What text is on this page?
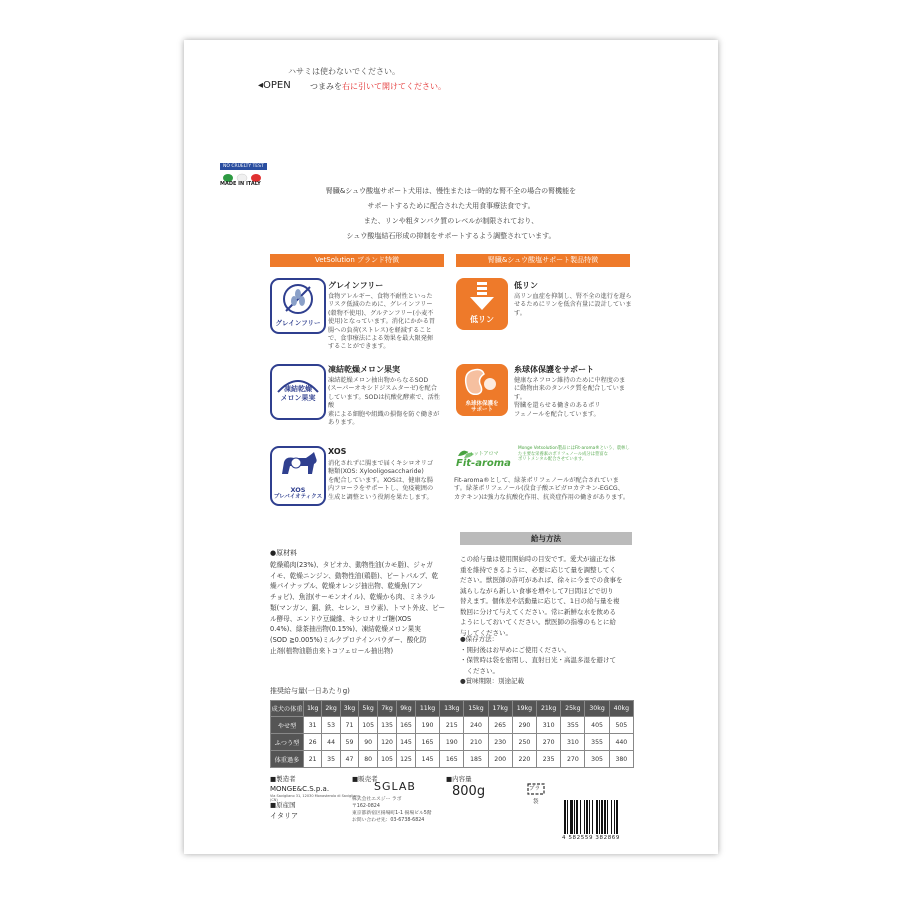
ハサミは使わないでください。
◂OPEN つまみを右に引いて開けてください。
NO CRUELTY TEST
MADE IN ITALY
腎臓&シュウ酸塩サポート犬用は、慢性または一時的な腎不全の場合の腎機能を
サポートするために配合された犬用食事療法食です。
また、リンや粗タンパク質のレベルが制限されており、
シュウ酸塩結石形成の抑制をサポートするよう調整されています。
VetSolution ブランド特徴	腎臓&シュウ酸塩サポート製品特徴
グレインフリー
グレインフリー
食物アレルギー、食物不耐性といった
リスク低減のために、グレインフリー
(穀物不使用)、グルテンフリー(小麦不
使用)となっています。消化にかかる胃
腸への負荷(ストレス)を軽減すること
で、食事療法による効果を最大限発揮
することができます。
凍結乾燥
メロン果実
凍結乾燥メロン果実
凍結乾燥メロン抽出物からなるSOD
(スーパーオキシドジスムターゼ)を配合
しています。SODは抗酸化酵素で、活性酸
素による細胞や組織の損傷を防ぐ働きが
あります。
XOS
プレバイオティクス
XOS
消化されずに腸まで届くキシロオリゴ
糖類(XOS: Xylooligosaccharide)
を配合しています。XOSは、健康な腸
内フローラをサポートし、免疫範囲の
生成と調整という役割を果たします。
低リン
低リン
高リン血症を抑制し、腎不全の進行を遅ら
せるためにリンを低含有量に設計しています。
糸球体保護を
サポート
糸球体保護をサポート
健康なネフロン維持のために中程度のま
に動物由来のタンパク質を配合しています。
腎臓を還らせる働きのあるポリ
フェノールを配合しています。
フィットアロマ
Fit-aroma
Monge Vetsolution製品にはFit-aroma®という、農林し
た主要な栄養素のポリフェノール成分は豊富な
ボリトメンタル配合させています。
Fit-aroma®として、緑茶ポリフェノールが配合されていま
す。緑茶ポリフェノール(没食子酸エピガロカテキン-EGCG、
カテキン)は強力な抗酸化作用、抗炎症作用の働きがあります。
●原材料
乾燥鶏肉(23%)、タピオカ、動物性油(カモ脂)、ジャガ
イモ、乾燥ニンジン、動物性油(鶏脂)、ビートパルプ、乾
燥パイナップル、乾燥オレンジ抽出物、乾燥魚(アン
チョビ)、魚油(サーモンオイル)、乾燥かも肉、ミネラル
類(マンガン、銅、鉄、セレン、ヨウ素)、トマト外皮、ビー
ル酵母、エンドウ豆繊維、キシロオリゴ糖(XOS
0.4%)、緑茶抽出物(0.15%)、凍結乾燥メロン果実
(SOD ≧0.005%)ミルクプロテインパウダー、酸化防
止剤(植物油脂由来トコフェロール抽出物)
給与方法
この給与量は使用開始時の目安です。愛犬が適正な体
重を維持できるように、必要に応じて量を調整してく
ださい。獣医師の許可があれば、徐々に今までの食事を
減らしながら新しい食事を増やして7日間ほどで切り
替えます。個体差や活動量に応じて、1日の給与量を複
数回に分けて与えてください。常に新鮮な水を飲める
ようにしておいてください。獣医師の指導のもとに給
与してください。
●保存方法：
・開封後はお早めにご使用ください。
・保管時は袋を密閉し、直射日光・高温多湿を避けて
　ください。
●賞味期限：別途記載
推奨給与量(一日あたりg)
成犬の体重	1kg	2kg	3kg	5kg	7kg	9kg	11kg	13kg	15kg	17kg	19kg	21kg	25kg	30kg	40kg
やせ型	31	53	71	105	135	165	190	215	240	265	290	310	355	405	505
ふつう型	26	44	59	90	120	145	165	190	210	230	250	270	310	355	440
体重過多	21	35	47	80	105	125	145	165	185	200	220	235	270	305	380
■製造者
MONGE&C.S.p.a.
Via Savigliano 31, 12030 Monasterolo di Savigliano (CN)
■原産国
イタリア
■販売者
SGLAB
株式会社エスジー ラボ
〒162-0824
東京都新宿区揚場町1-1 揚場ビル5階
お問い合わせ先：03-6738-6824
■内容量
800g	プラ
袋
4 582559 382869
